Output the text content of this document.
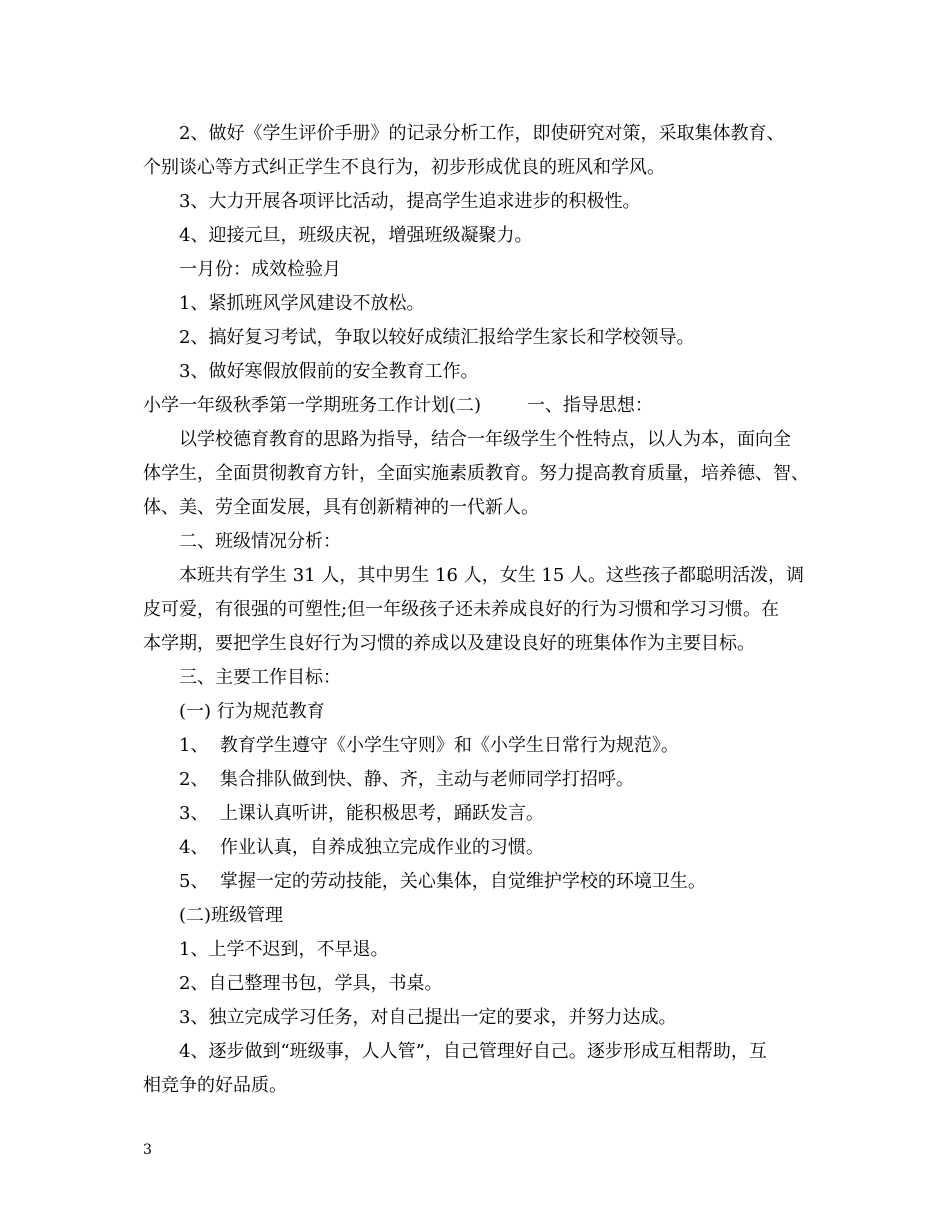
2、做好《学生评价手册》的记录分析工作，即使研究对策，采取集体教育、
个别谈心等方式纠正学生不良行为，初步形成优良的班风和学风。
3、大力开展各项评比活动，提高学生追求进步的积极性。
4、迎接元旦，班级庆祝，增强班级凝聚力。
一月份：成效检验月
1、紧抓班风学风建设不放松。
2、搞好复习考试，争取以较好成绩汇报给学生家长和学校领导。
3、做好寒假放假前的安全教育工作。
小学一年级秋季第一学期班务工作计划(二)        一、指导思想：
以学校德育教育的思路为指导，结合一年级学生个性特点，以人为本，面向全
体学生，全面贯彻教育方针，全面实施素质教育。努力提高教育质量，培养德、智、
体、美、劳全面发展，具有创新精神的一代新人。
二、班级情况分析：
本班共有学生 31 人，其中男生 16 人，女生 15 人。这些孩子都聪明活泼，调
皮可爱，有很强的可塑性;但一年级孩子还未养成良好的行为习惯和学习习惯。在
本学期，要把学生良好行为习惯的养成以及建设良好的班集体作为主要目标。
三、主要工作目标：
(一) 行为规范教育
1、  教育学生遵守《小学生守则》和《小学生日常行为规范》。
2、  集合排队做到快、静、齐，主动与老师同学打招呼。
3、  上课认真听讲，能积极思考，踊跃发言。
4、  作业认真，自养成独立完成作业的习惯。
5、  掌握一定的劳动技能，关心集体，自觉维护学校的环境卫生。
(二)班级管理
1、上学不迟到，不早退。
2、自己整理书包，学具，书桌。
3、独立完成学习任务，对自己提出一定的要求，并努力达成。
4、逐步做到“班级事，人人管”，自己管理好自己。逐步形成互相帮助，互
相竞争的好品质。
3
